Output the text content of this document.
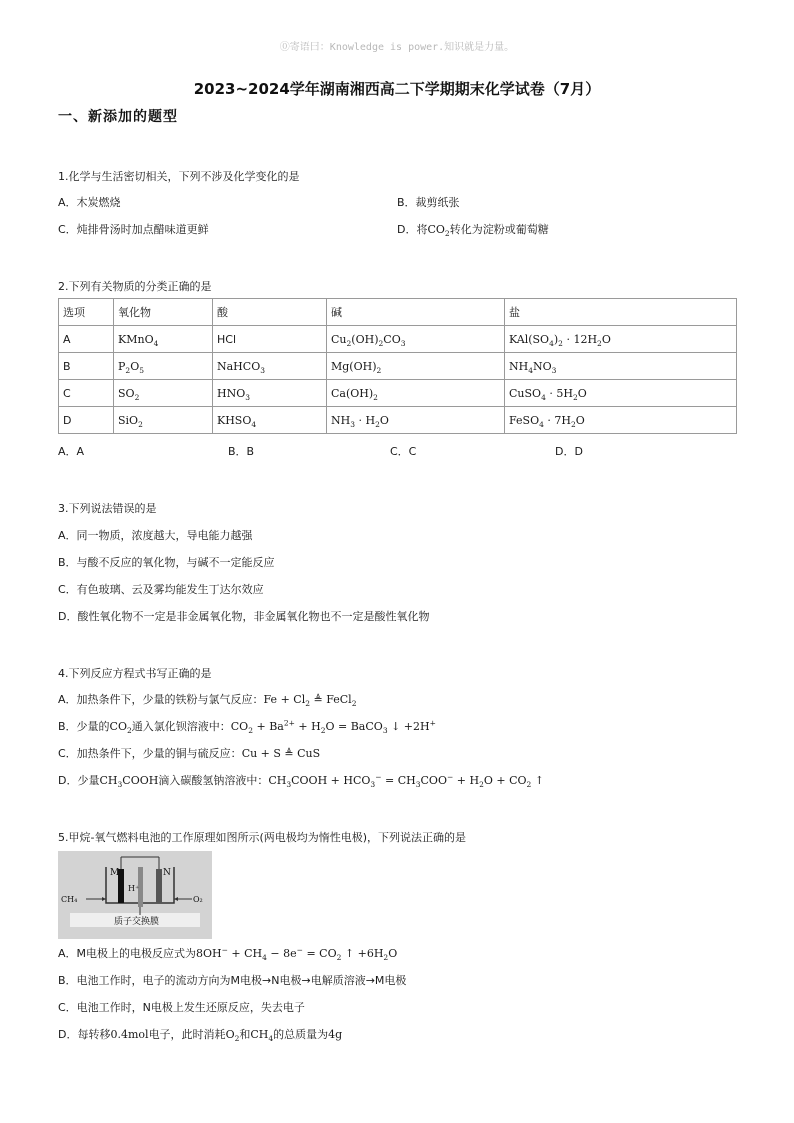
⓪寄语曰：Knowledge is power.知识就是力量。
2023~2024学年湖南湘西高二下学期期末化学试卷（7月）
一、新添加的题型
1.化学与生活密切相关，下列不涉及化学变化的是
A．木炭燃烧	B．裁剪纸张
C．炖排骨汤时加点醋味道更鲜	D．将$CO_2$转化为淀粉或葡萄糖
2.下列有关物质的分类正确的是
选项	氧化物	酸	碱	盐
A	KMnO$_4$	HCl	$Cu_2(OH)_2CO_3$	$KAl(SO_4)_2 \cdot 12H_2O$
B	$P_2O_5$	NaHCO$_3$	$Mg(OH)_2$	$NH_4NO_3$
C	$SO_2$	$HNO_3$	$Ca(OH)_2$	CuSO$_4$ · $5H_2O$
D	SiO$_2$	$KHSO_4$	$NH_3 \cdot H_2O$	FeSO$_4$ · $7H_2O$
A．A	B．B	C．C	D．D
3.下列说法错误的是
A．同一物质，浓度越大，导电能力越强
B．与酸不反应的氧化物，与碱不一定能反应
C．有色玻璃、云及雾均能发生丁达尔效应
D．酸性氧化物不一定是非金属氧化物，非金属氧化物也不一定是酸性氧化物
4.下列反应方程式书写正确的是
A．加热条件下，少量的铁粉与氯气反应：$Fe + Cl_2$ ≜ FeCl$_2$
B．少量的$CO_2$通入氯化钡溶液中：$CO_2 + Ba^{2+} + H_2O$ = BaCO$_3$ ↓ +2H+
C．加热条件下，少量的铜与硫反应：Cu + S ≜ CuS
D．少量$CH_3COOH$滴入碳酸氢钠溶液中：$CH_3COOH + HCO_3^- = CH_3COO^- + H_2O + CO_2$ ↑
5.甲烷-氧气燃料电池的工作原理如图所示(两电极均为惰性电极)，下列说法正确的是
M	N
H⁺
CH₄	O₂
质子交换膜
A．M电极上的电极反应式为$8OH^- + CH_4 - 8e^- = CO_2$ ↑ $+6H_2O$
B．电池工作时，电子的流动方向为M电极→N电极→电解质溶液→M电极
C．电池工作时，N电极上发生还原反应，失去电子
D．每转移0.4mol电子，此时消耗$O_2$和$CH_4$的总质量为4g
